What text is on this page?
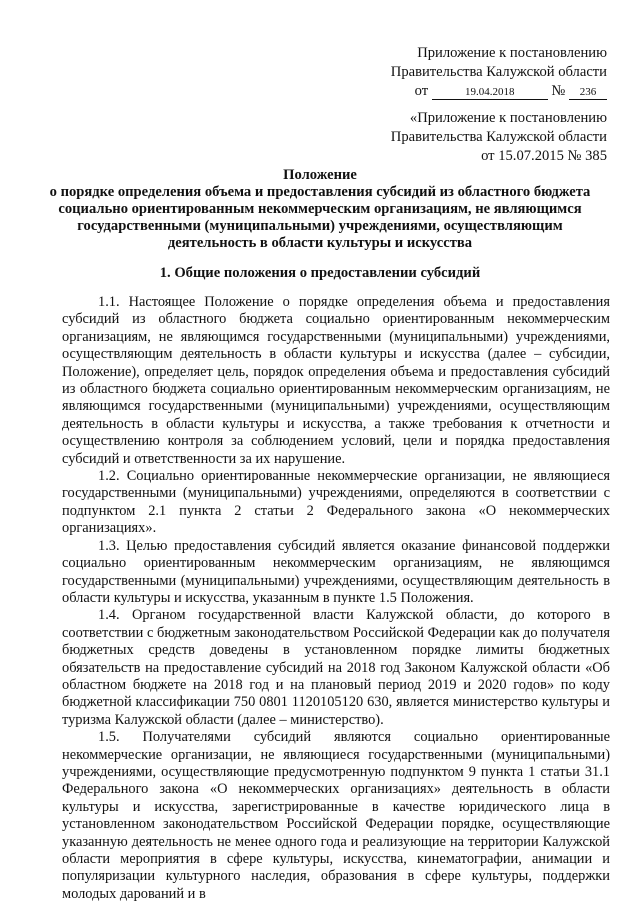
Приложение к постановлению
Правительства Калужской области
от	19.04.2018	№ 236
«Приложение к постановлению
Правительства Калужской области
от 15.07.2015 № 385
Положение
о порядке определения объема и предоставления субсидий из областного бюджета
социально ориентированным некоммерческим организациям, не являющимся
государственными (муниципальными) учреждениями, осуществляющим
деятельность в области культуры и искусства
1. Общие положения о предоставлении субсидий

1.1. Настоящее Положение о порядке определения объема и предоставления субсидий из областного бюджета социально ориентированным некоммерческим организациям, не являющимся государственными (муниципальными) учреждениями, осуществляющим деятельность в области культуры и искусства (далее – субсидии, Положение), определяет цель, порядок определения объема и предоставления субсидий из областного бюджета социально ориентированным некоммерческим организациям, не являющимся государственными (муниципальными) учреждениями, осуществляющим деятельность в области культуры и искусства, а также требования к отчетности и осуществлению контроля за соблюдением условий, цели и порядка предоставления субсидий и ответственности за их нарушение.

1.2. Социально ориентированные некоммерческие организации, не являющиеся государственными (муниципальными) учреждениями, определяются в соответствии с подпунктом 2.1 пункта 2 статьи 2 Федерального закона «О некоммерческих организациях».

1.3. Целью предоставления субсидий является оказание финансовой поддержки социально ориентированным некоммерческим организациям, не являющимся государственными (муниципальными) учреждениями, осуществляющим деятельность в области культуры и искусства, указанным в пункте 1.5 Положения.

1.4. Органом государственной власти Калужской области, до которого в соответствии с бюджетным законодательством Российской Федерации как до получателя бюджетных средств доведены в установленном порядке лимиты бюджетных обязательств на предоставление субсидий на 2018 год Законом Калужской области «Об областном бюджете на 2018 год и на плановый период 2019 и 2020 годов» по коду бюджетной классификации 750 0801 1120105120 630, является министерство культуры и туризма Калужской области (далее – министерство).

1.5. Получателями субсидий являются социально ориентированные некоммерческие организации, не являющиеся государственными (муниципальными) учреждениями, осуществляющие предусмотренную подпунктом 9 пункта 1 статьи 31.1 Федерального закона «О некоммерческих организациях» деятельность в области культуры и искусства, зарегистрированные в качестве юридического лица в установленном законодательством Российской Федерации порядке, осуществляющие указанную деятельность не менее одного года и реализующие на территории Калужской области мероприятия в сфере культуры, искусства, кинематографии, анимации и популяризации культурного наследия, образования в сфере культуры, поддержки молодых дарований и в
